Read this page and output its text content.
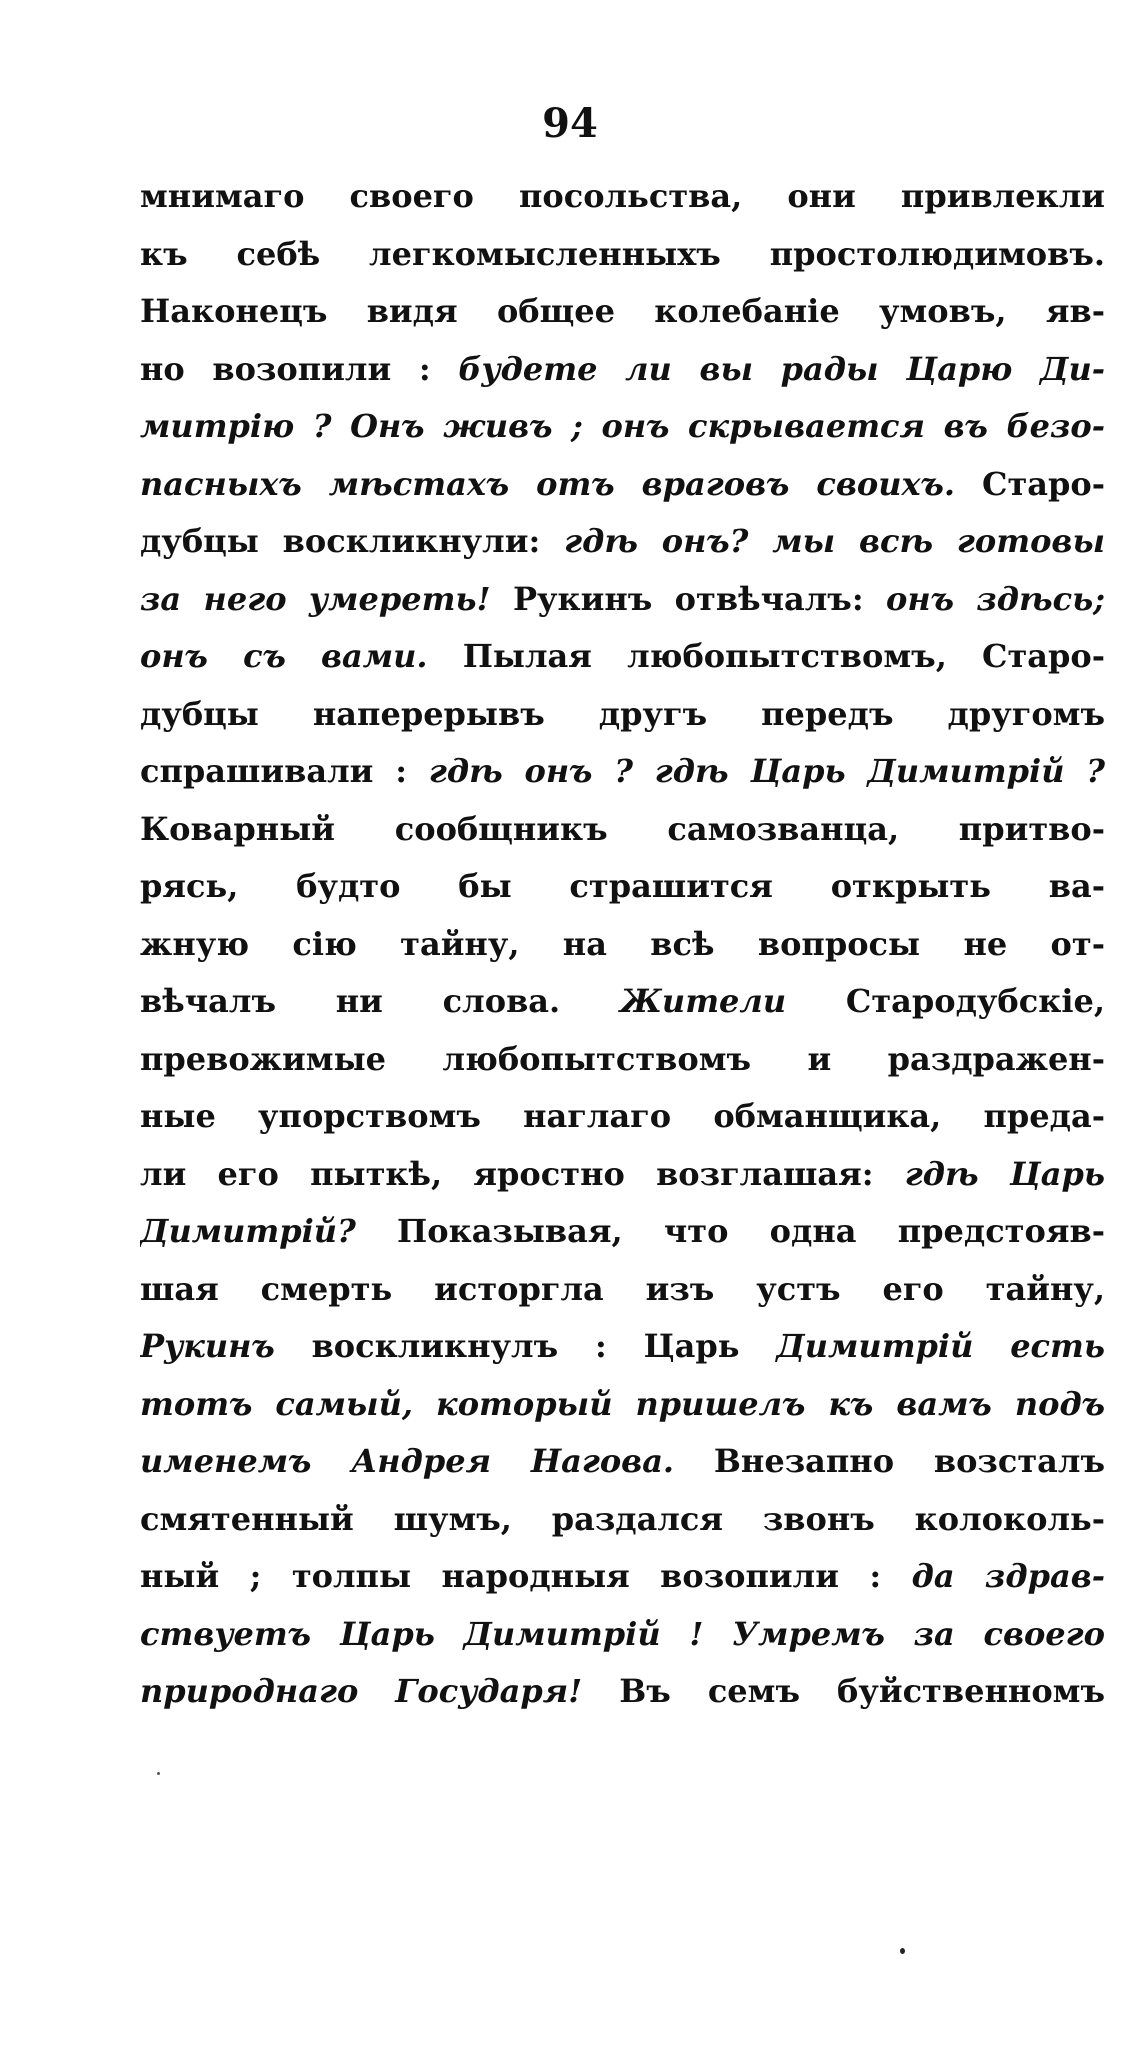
94
мнимаго своего посольства, они привлекли
къ себѣ легкомысленныхъ простолюдимовъ.
Наконецъ видя общее колебаніе умовъ, яв-
но возопили : будете ли вы рады Царю Ди-
митрію ? Онъ живъ ; онъ скрывается въ безо-
пасныхъ мѣстахъ отъ враговъ своихъ. Старо-
дубцы воскликнули: гдѣ онъ? мы всѣ готовы
за него умереть! Рукинъ отвѣчалъ: онъ здѣсь;
онъ съ вами. Пылая любопытствомъ, Старо-
дубцы наперерывъ другъ передъ другомъ
спрашивали : гдѣ онъ ? гдѣ Царь Димитрій ?
Коварный сообщникъ самозванца, притво-
рясь, будто бы страшится открыть ва-
жную сію тайну, на всѣ вопросы не от-
вѣчалъ ни слова. Жители Стародубскіе,
превожимые любопытствомъ и раздражен-
ные упорствомъ наглаго обманщика, преда-
ли его пыткѣ, яростно возглашая: гдѣ Царь
Димитрій? Показывая, что одна предстояв-
шая смерть исторгла изъ устъ его тайну,
Рукинъ воскликнулъ : Царь Димитрій есть
тотъ самый, который пришелъ къ вамъ подъ
именемъ Андрея Нагова. Внезапно возсталъ
смятенный шумъ, раздался звонъ колоколь-
ный ; толпы народныя возопили : да здрав-
ствуетъ Царь Димитрій ! Умремъ за своего
природнаго Государя! Въ семъ буйственномъ
